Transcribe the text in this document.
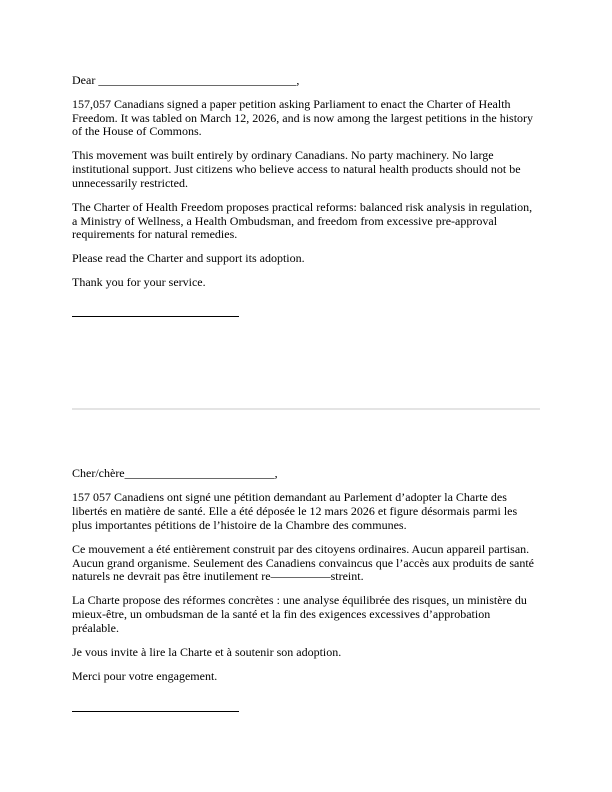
Dear _________________________________,

157,057 Canadians signed a paper petition asking Parliament to enact the Charter of Health Freedom. It was tabled on March 12, 2026, and is now among the largest petitions in the history of the House of Commons.

This movement was built entirely by ordinary Canadians. No party machinery. No large institutional support. Just citizens who believe access to natural health products should not be unnecessarily restricted.

The Charter of Health Freedom proposes practical reforms: balanced risk analysis in regulation, a Ministry of Wellness, a Health Ombudsman, and freedom from excessive pre-approval requirements for natural remedies.

Please read the Charter and support its adoption.

Thank you for your service.

Cher/chère_________________________,

157 057 Canadiens ont signé une pétition demandant au Parlement d’adopter la Charte des libertés en matière de santé. Elle a été déposée le 12 mars 2026 et figure désormais parmi les plus importantes pétitions de l’histoire de la Chambre des communes.

Ce mouvement a été entièrement construit par des citoyens ordinaires. Aucun appareil partisan. Aucun grand organisme. Seulement des Canadiens convaincus que l’accès aux produits de santé naturels ne devrait pas être inutilement re—————streint.

La Charte propose des réformes concrètes : une analyse équilibrée des risques, un ministère du mieux-être, un ombudsman de la santé et la fin des exigences excessives d’approbation préalable.

Je vous invite à lire la Charte et à soutenir son adoption.

Merci pour votre engagement.
